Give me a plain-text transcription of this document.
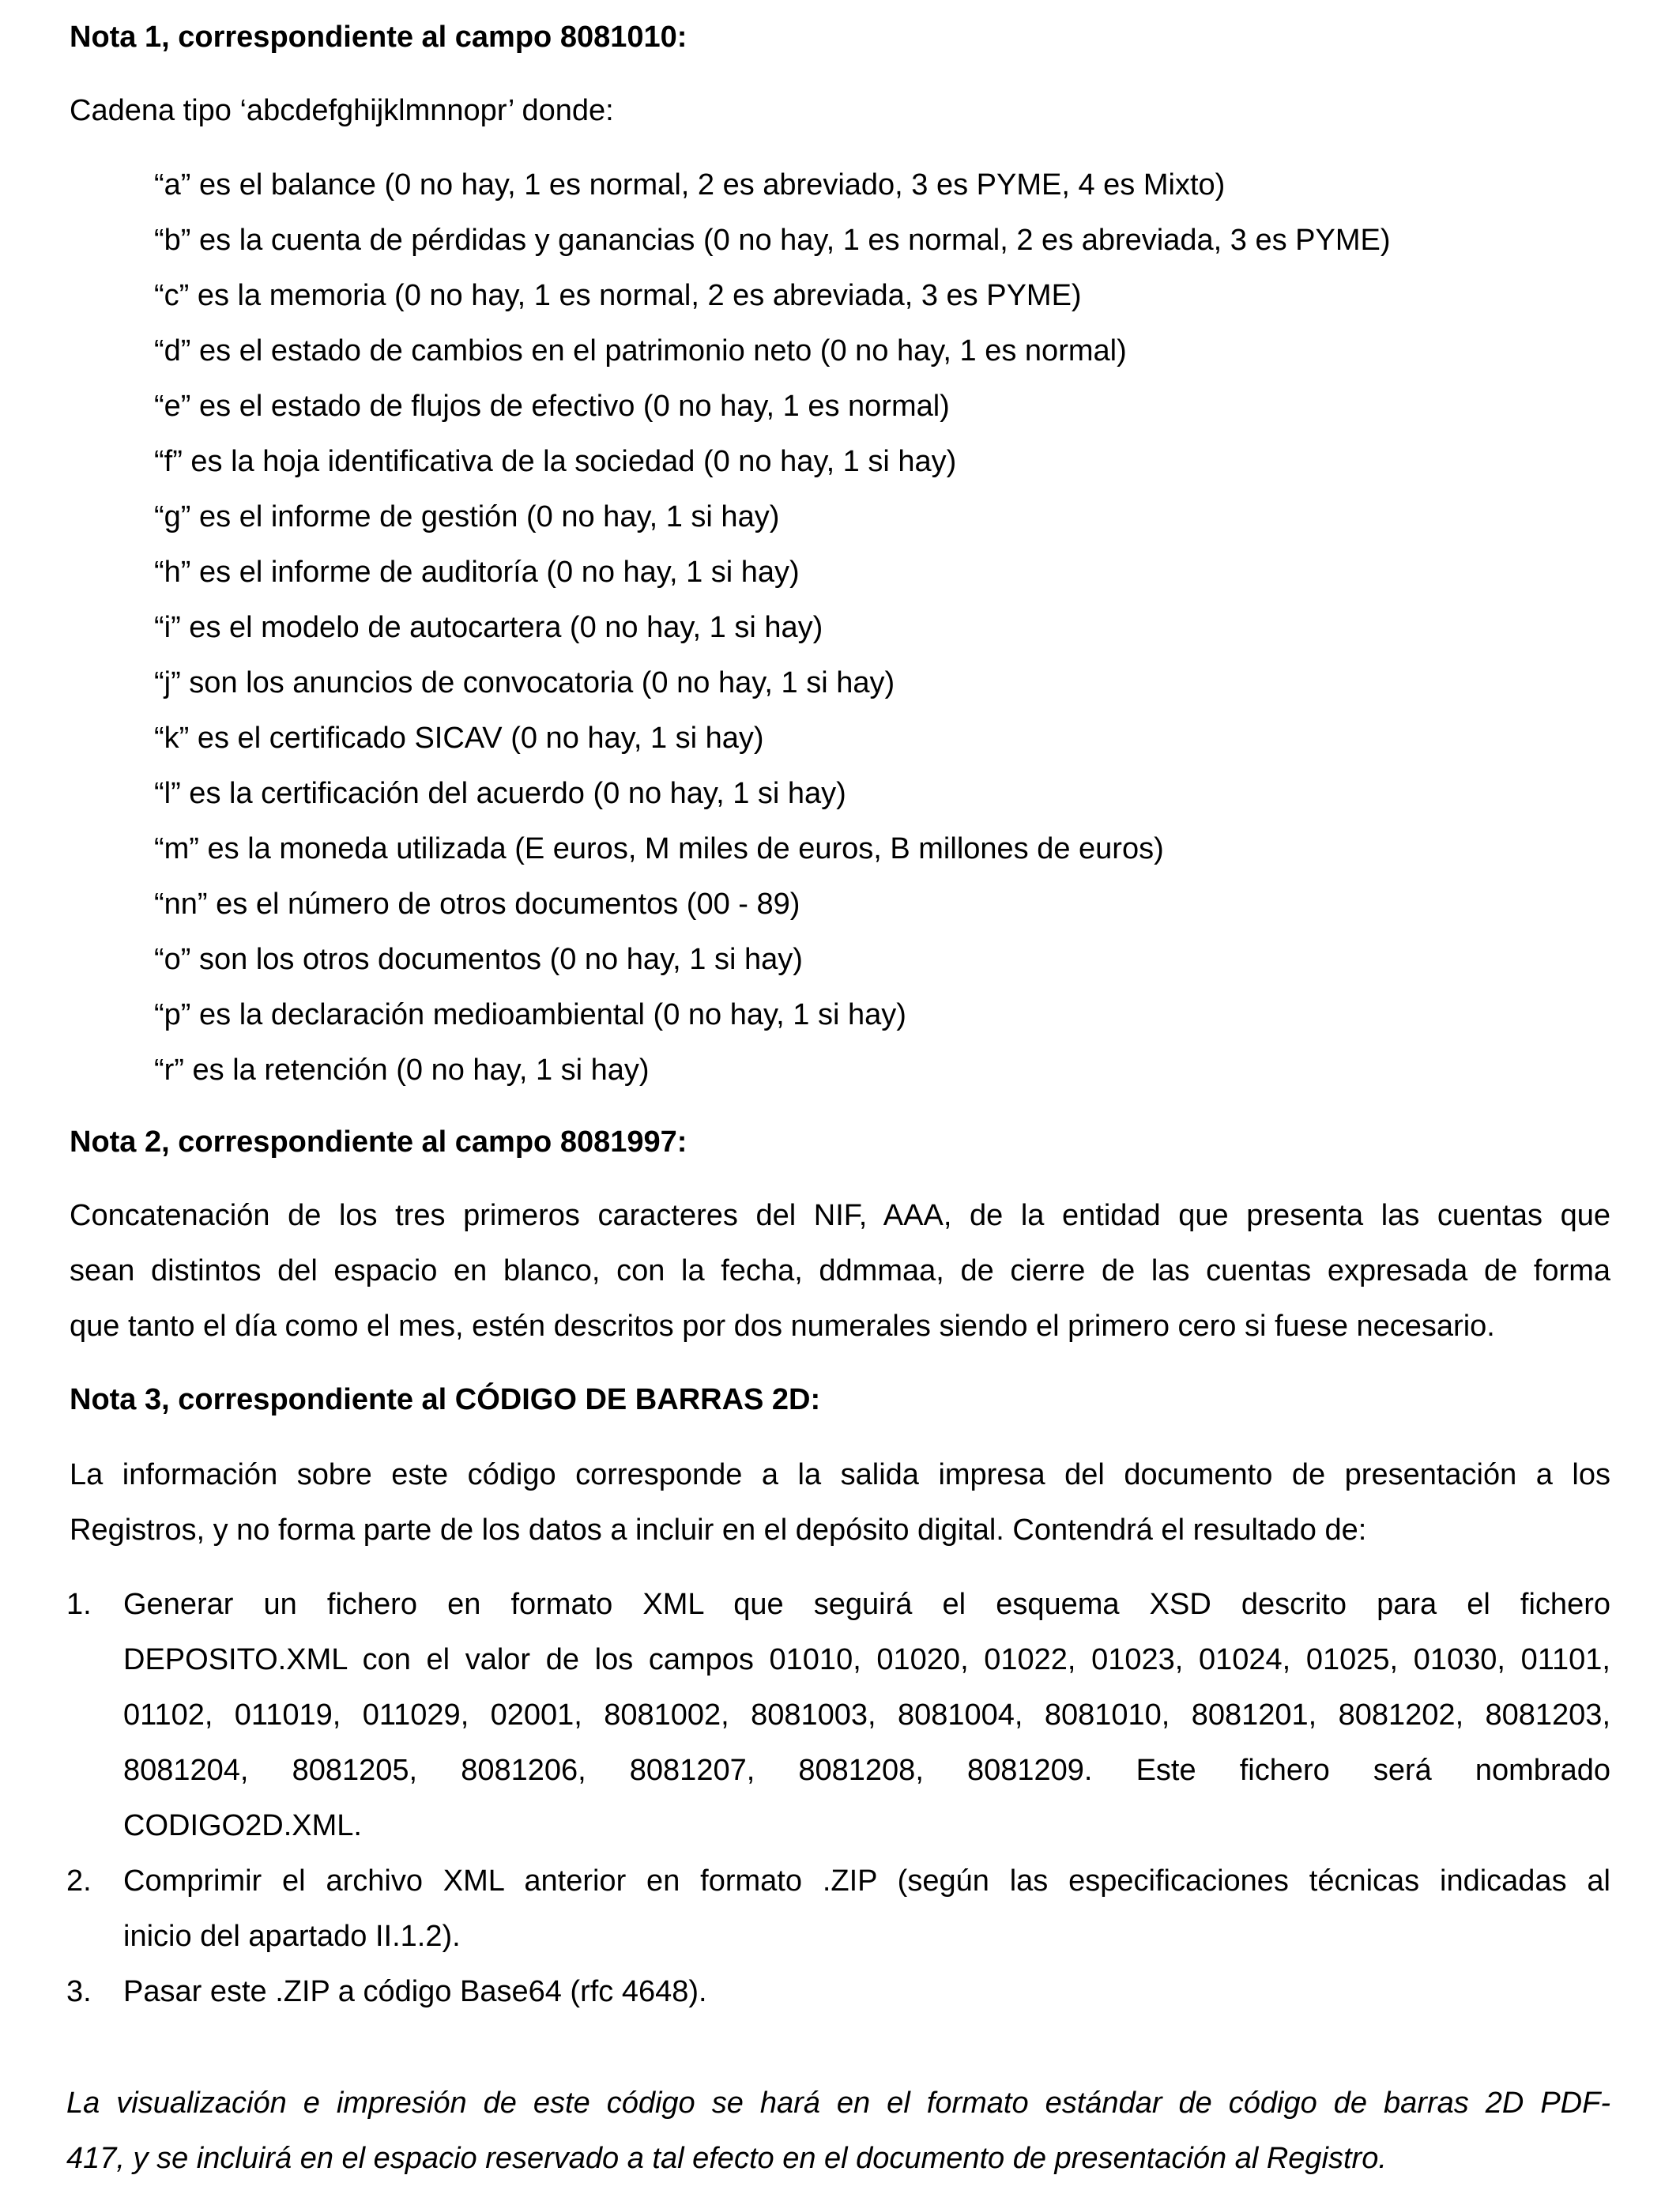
Nota 1, correspondiente al campo 8081010:
Cadena tipo ‘abcdefghijklmnnopr’ donde:
“a” es el balance (0 no hay, 1 es normal, 2 es abreviado, 3 es PYME, 4 es Mixto)
“b” es la cuenta de pérdidas y ganancias (0 no hay, 1 es normal, 2 es abreviada, 3 es PYME)
“c” es la memoria (0 no hay, 1 es normal, 2 es abreviada, 3 es PYME)
“d” es el estado de cambios en el patrimonio neto (0 no hay, 1 es normal)
“e” es el estado de flujos de efectivo (0 no hay, 1 es normal)
“f” es la hoja identificativa de la sociedad (0 no hay, 1 si hay)
“g” es el informe de gestión (0 no hay, 1 si hay)
“h” es el informe de auditoría (0 no hay, 1 si hay)
“i” es el modelo de autocartera (0 no hay, 1 si hay)
“j” son los anuncios de convocatoria (0 no hay, 1 si hay)
“k” es el certificado SICAV (0 no hay, 1 si hay)
“l” es la certificación del acuerdo (0 no hay, 1 si hay)
“m” es la moneda utilizada (E euros, M miles de euros, B millones de euros)
“nn” es el número de otros documentos (00 - 89)
“o” son los otros documentos (0 no hay, 1 si hay)
“p” es la declaración medioambiental (0 no hay, 1 si hay)
“r” es la retención (0 no hay, 1 si hay)
Nota 2, correspondiente al campo 8081997:
Concatenación de los tres primeros caracteres del NIF, AAA, de la entidad que presenta las cuentas que
sean distintos del espacio en blanco, con la fecha, ddmmaa, de cierre de las cuentas expresada de forma
que tanto el día como el mes, estén descritos por dos numerales siendo el primero cero si fuese necesario.
Nota 3, correspondiente al CÓDIGO DE BARRAS 2D:
La información sobre este código corresponde a la salida impresa del documento de presentación a los
Registros, y no forma parte de los datos a incluir en el depósito digital. Contendrá el resultado de:
1. Generar un fichero en formato XML que seguirá el esquema XSD descrito para el fichero
DEPOSITO.XML con el valor de los campos 01010, 01020, 01022, 01023, 01024, 01025, 01030, 01101,
01102, 011019, 011029, 02001, 8081002, 8081003, 8081004, 8081010, 8081201, 8081202, 8081203,
8081204, 8081205, 8081206, 8081207, 8081208, 8081209. Este fichero será nombrado
CODIGO2D.XML.
2. Comprimir el archivo XML anterior en formato .ZIP (según las especificaciones técnicas indicadas al
inicio del apartado II.1.2).
3. Pasar este .ZIP a código Base64 (rfc 4648).
La visualización e impresión de este código se hará en el formato estándar de código de barras 2D PDF-
417, y se incluirá en el espacio reservado a tal efecto en el documento de presentación al Registro.
